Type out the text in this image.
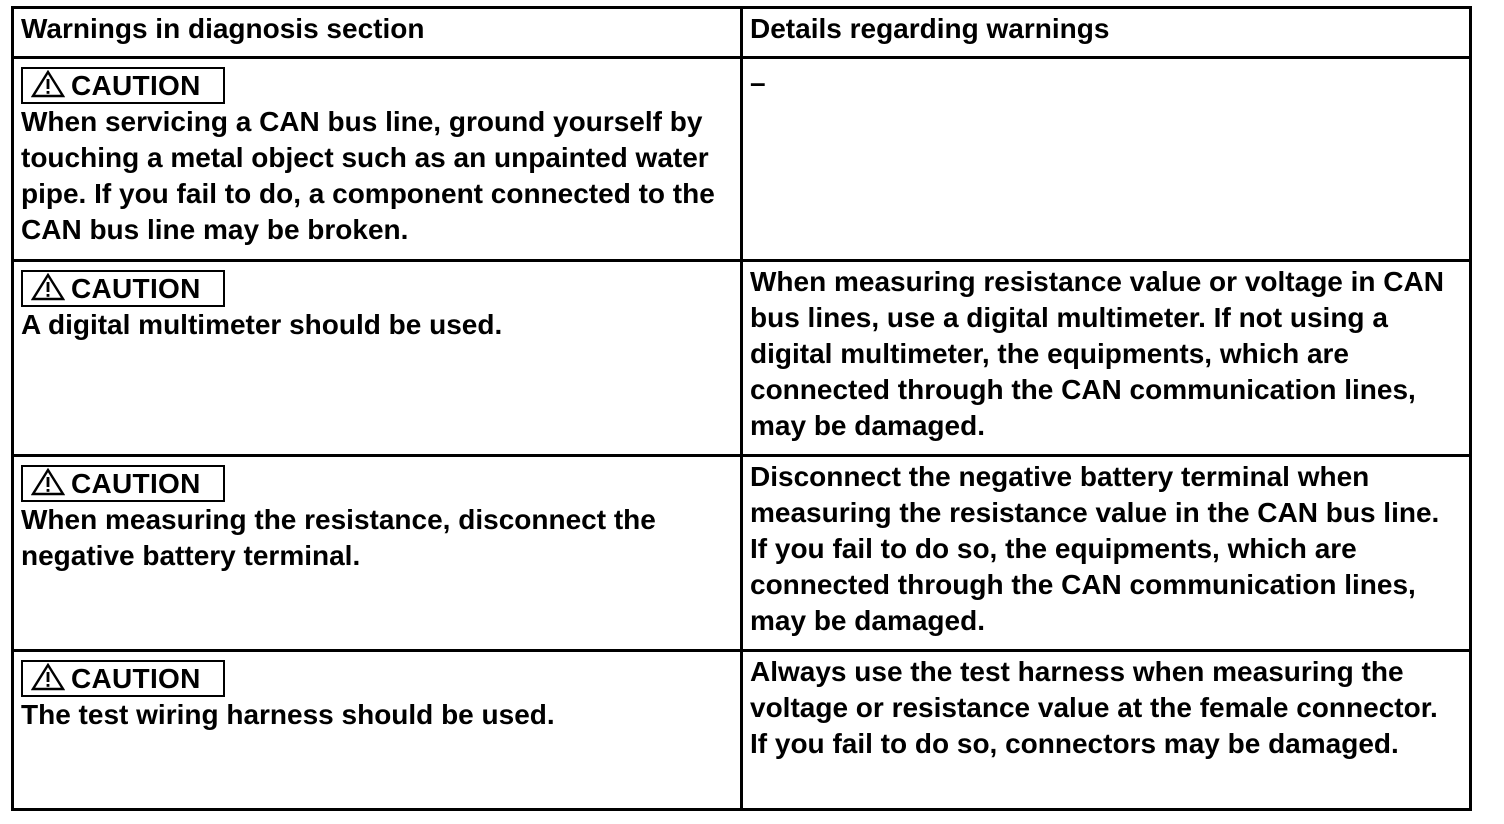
Warnings in diagnosis section	Details regarding warnings
CAUTION
When servicing a CAN bus line, ground yourself by touching a metal object such as an unpainted water pipe. If you fail to do, a component connected to the CAN bus line may be broken.	–

CAUTION
A digital multimeter should be used.	When measuring resistance value or voltage in CAN bus lines, use a digital multimeter. If not using a digital multimeter, the equipments, which are connected through the CAN communication lines, may be damaged.

CAUTION
When measuring the resistance, disconnect the negative battery terminal.	Disconnect the negative battery terminal when measuring the resistance value in the CAN bus line. If you fail to do so, the equipments, which are connected through the CAN communication lines, may be damaged.

CAUTION
The test wiring harness should be used.	Always use the test harness when measuring the voltage or resistance value at the female connector. If you fail to do so, connectors may be damaged.
